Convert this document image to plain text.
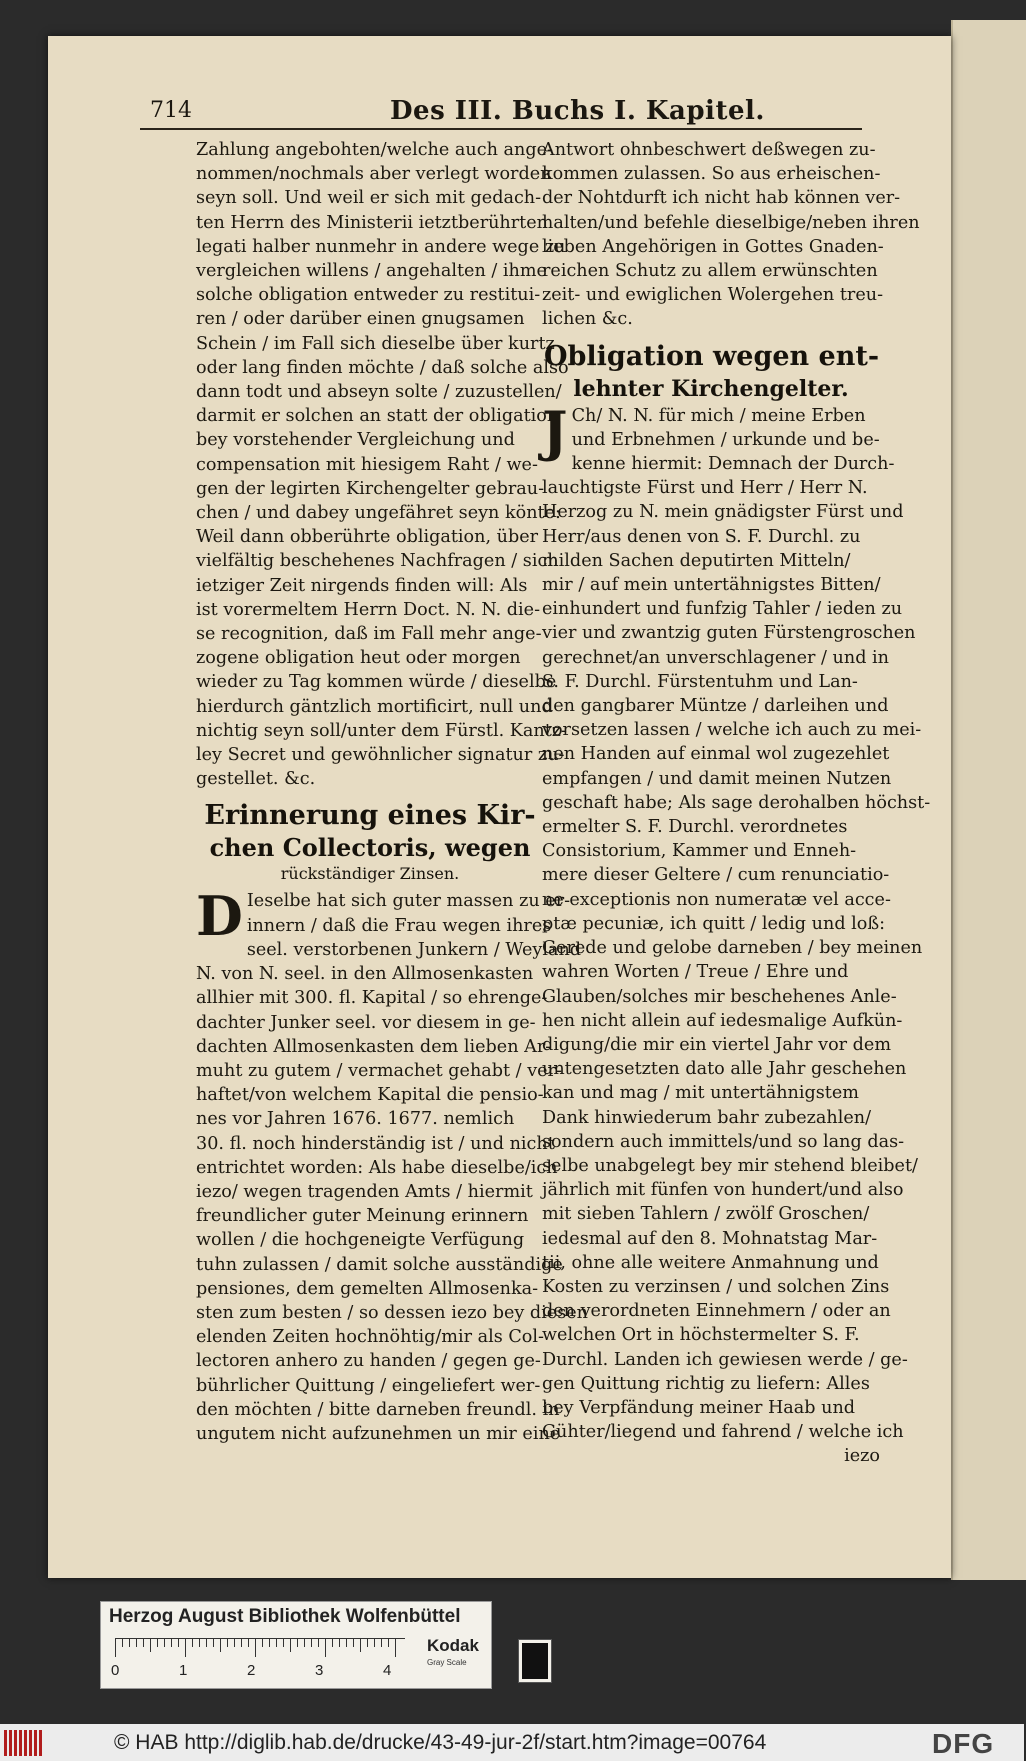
714	Des III. Buchs I. Kapitel.
Zahlung angebohten/welche auch ange-
nommen/nochmals aber verlegt worden
seyn soll. Und weil er sich mit gedach-
ten Herrn des Ministerii ietztberührten
legati halber nunmehr in andere wege zu
vergleichen willens / angehalten / ihme
solche obligation entweder zu restitui-
ren / oder darüber einen gnugsamen
Schein / im Fall sich dieselbe über kurtz
oder lang finden möchte / daß solche also
dann todt und abseyn solte / zuzustellen/
darmit er solchen an statt der obligation
bey vorstehender Vergleichung und
compensation mit hiesigem Raht / we-
gen der legirten Kirchengelter gebrau-
chen / und dabey ungefähret seyn könte:
Weil dann obberührte obligation, über
vielfältig beschehenes Nachfragen / sich
ietziger Zeit nirgends finden will: Als
ist vorermeltem Herrn Doct. N. N. die-
se recognition, daß im Fall mehr ange-
zogene obligation heut oder morgen
wieder zu Tag kommen würde / dieselbe
hierdurch gäntzlich mortificirt, null und
nichtig seyn soll/unter dem Fürstl. Kantz-
ley Secret und gewöhnlicher signatur zu-
gestellet. &c.
Erinnerung eines Kir-
chen Collectoris, wegen
rückständiger Zinsen.
D Ieselbe hat sich guter massen zu er-
innern / daß die Frau wegen ihres
seel. verstorbenen Junkern / Weyland
N. von N. seel. in den Allmosenkasten
allhier mit 300. fl. Kapital / so ehrenge-
dachter Junker seel. vor diesem in ge-
dachten Allmosenkasten dem lieben Ar-
muht zu gutem / vermachet gehabt / ver-
haftet/von welchem Kapital die pensio-
nes vor Jahren 1676. 1677. nemlich
30. fl. noch hinderständig ist / und nicht
entrichtet worden: Als habe dieselbe/ich
iezo/ wegen tragenden Amts / hiermit
freundlicher guter Meinung erinnern
wollen / die hochgeneigte Verfügung
tuhn zulassen / damit solche ausständige
pensiones, dem gemelten Allmosenka-
sten zum besten / so dessen iezo bey diesen
elenden Zeiten hochnöhtig/mir als Col-
lectoren anhero zu handen / gegen ge-
bührlicher Quittung / eingeliefert wer-
den möchten / bitte darneben freundl. in
ungutem nicht aufzunehmen un mir eine
Antwort ohnbeschwert deßwegen zu-
kommen zulassen. So aus erheischen-
der Nohtdurft ich nicht hab können ver-
halten/und befehle dieselbige/neben ihren
lieben Angehörigen in Gottes Gnaden-
reichen Schutz zu allem erwünschten
zeit- und ewiglichen Wolergehen treu-
lichen &c.
Obligation wegen ent-
lehnter Kirchengelter.
J Ch/ N. N. für mich / meine Erben
und Erbnehmen / urkunde und be-
kenne hiermit: Demnach der Durch-
lauchtigste Fürst und Herr / Herr N.
Herzog zu N. mein gnädigster Fürst und
Herr/aus denen von S. F. Durchl. zu
milden Sachen deputirten Mitteln/
mir / auf mein untertähnigstes Bitten/
einhundert und funfzig Tahler / ieden zu
vier und zwantzig guten Fürstengroschen
gerechnet/an unverschlagener / und in
S. F. Durchl. Fürstentuhm und Lan-
den gangbarer Müntze / darleihen und
vorsetzen lassen / welche ich auch zu mei-
nen Handen auf einmal wol zugezehlet
empfangen / und damit meinen Nutzen
geschaft habe; Als sage derohalben höchst-
ermelter S. F. Durchl. verordnetes
Consistorium, Kammer und Enneh-
mere dieser Geltere / cum renunciatio-
ne exceptionis non numeratæ vel acce-
ptæ pecuniæ, ich quitt / ledig und loß:
Gerede und gelobe darneben / bey meinen
wahren Worten / Treue / Ehre und
Glauben/solches mir beschehenes Anle-
hen nicht allein auf iedesmalige Aufkün-
digung/die mir ein viertel Jahr vor dem
untengesetzten dato alle Jahr geschehen
kan und mag / mit untertähnigstem
Dank hinwiederum bahr zubezahlen/
sondern auch immittels/und so lang das-
selbe unabgelegt bey mir stehend bleibet/
jährlich mit fünfen von hundert/und also
mit sieben Tahlern / zwölf Groschen/
iedesmal auf den 8. Mohnatstag Mar-
tii, ohne alle weitere Anmahnung und
Kosten zu verzinsen / und solchen Zins
den verordneten Einnehmern / oder an
welchen Ort in höchstermelter S. F.
Durchl. Landen ich gewiesen werde / ge-
gen Quittung richtig zu liefern: Alles
bey Verpfändung meiner Haab und
Gühter/liegend und fahrend / welche ich
iezo
Herzog August Bibliothek Wolfenbüttel
0	1	2	3	4
Kodak
Gray Scale
© HAB http://diglib.hab.de/drucke/43-49-jur-2f/start.htm?image=00764	DFG
